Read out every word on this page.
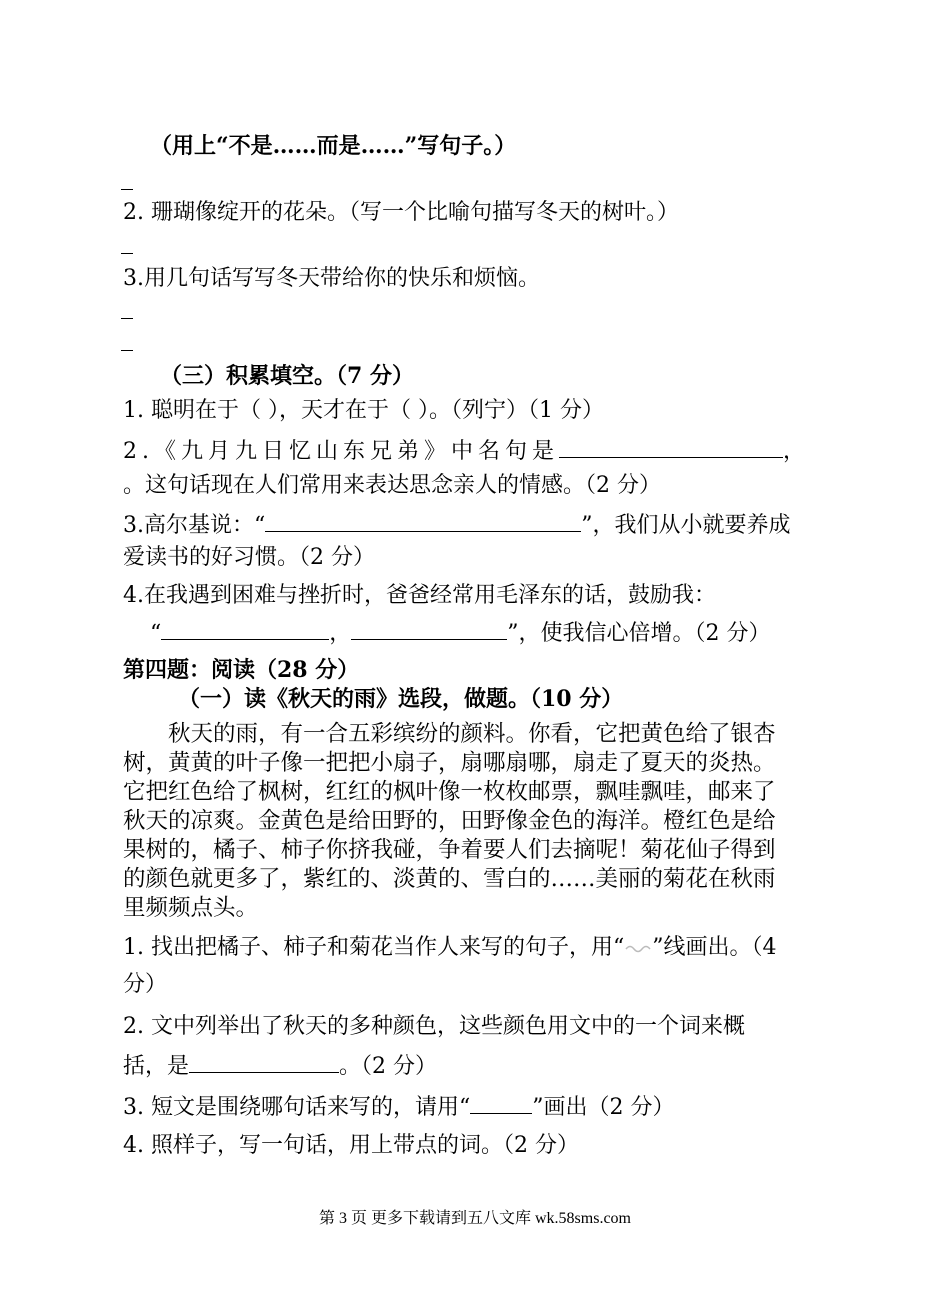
（用上“不是……而是……”写句子。）
2. 珊瑚像绽开的花朵。（写一个比喻句描写冬天的树叶。）
3.用几句话写写冬天带给你的快乐和烦恼。
（三）积累填空。（7 分）
1. 聪明在于（ ），天才在于（ ）。（列宁）（1 分）
2.《九月九日忆山东兄弟》中名句是	，
。这句话现在人们常用来表达思念亲人的情感。（2 分）
3.高尔基说：“	”，我们从小就要养成
爱读书的好习惯。（2 分）
4.在我遇到困难与挫折时，爸爸经常用毛泽东的话，鼓励我：
“	，	”，使我信心倍增。（2 分）
第四题：阅读（28 分）
（一）读《秋天的雨》选段，做题。（10 分）
　　秋天的雨，有一合五彩缤纷的颜料。你看，它把黄色给了银杏
树，黄黄的叶子像一把把小扇子，扇哪扇哪，扇走了夏天的炎热。
它把红色给了枫树，红红的枫叶像一枚枚邮票，飘哇飘哇，邮来了
秋天的凉爽。金黄色是给田野的，田野像金色的海洋。橙红色是给
果树的，橘子、柿子你挤我碰，争着要人们去摘呢！菊花仙子得到
的颜色就更多了，紫红的、淡黄的、雪白的……美丽的菊花在秋雨
里频频点头。
1. 找出把橘子、柿子和菊花当作人来写的句子，用“ ”线画出。（4
分）
2. 文中列举出了秋天的多种颜色，这些颜色用文中的一个词来概
括，是	。（2 分）
3. 短文是围绕哪句话来写的，请用“	”画出（2 分）
4. 照样子，写一句话，用上带点的词。（2 分）
第 3 页 更多下载请到五八文库 wk.58sms.com
